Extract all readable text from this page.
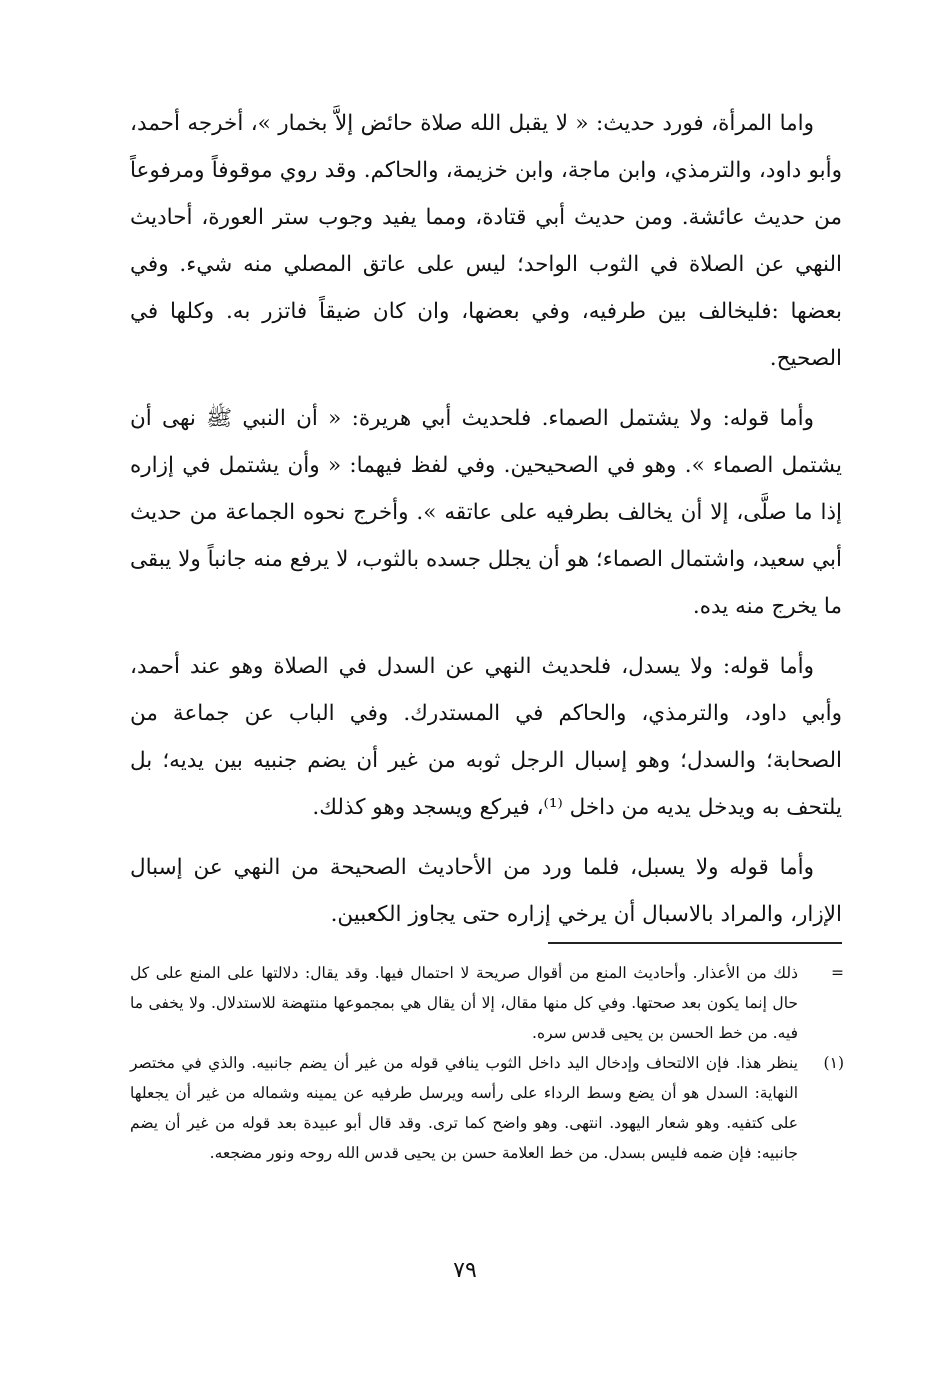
واما المرأة، فورد حديث: « لا يقبل الله صلاة حائض إلاَّ بخمار »، أخرجه أحمد، وأبو داود، والترمذي، وابن ماجة، وابن خزيمة، والحاكم. وقد روي موقوفاً ومرفوعاً من حديث عائشة. ومن حديث أبي قتادة، ومما يفيد وجوب ستر العورة، أحاديث النهي عن الصلاة في الثوب الواحد؛ ليس على عاتق المصلي منه شيء. وفي بعضها :فليخالف بين طرفيه، وفي بعضها، وان كان ضيقاً فاتزر به. وكلها في الصحيح.

وأما قوله: ولا يشتمل الصماء. فلحديث أبي هريرة: « أن النبي ﷺ نهى أن يشتمل الصماء ». وهو في الصحيحين. وفي لفظ فيهما: « وأن يشتمل في إزاره إذا ما صلَّى، إلا أن يخالف بطرفيه على عاتقه ». وأخرج نحوه الجماعة من حديث أبي سعيد، واشتمال الصماء؛ هو أن يجلل جسده بالثوب، لا يرفع منه جانباً ولا يبقى ما يخرج منه يده.

وأما قوله: ولا يسدل، فلحديث النهي عن السدل في الصلاة وهو عند أحمد، وأبي داود، والترمذي، والحاكم في المستدرك. وفي الباب عن جماعة من الصحابة؛ والسدل؛ وهو إسبال الرجل ثوبه من غير أن يضم جنبيه بين يديه؛ بل يلتحف به ويدخل يديه من داخل ⁽¹⁾، فيركع ويسجد وهو كذلك.

وأما قوله ولا يسبل، فلما ورد من الأحاديث الصحيحة من النهي عن إسبال الإزار، والمراد بالاسبال أن يرخي إزاره حتى يجاوز الكعبين.

=
ذلك من الأعذار. وأحاديث المنع من أقوال صريحة لا احتمال فيها. وقد يقال: دلالتها على المنع على كل حال إنما يكون بعد صحتها. وفي كل منها مقال، إلا أن يقال هي بمجموعها منتهضة للاستدلال. ولا يخفى ما فيه. من خط الحسن بن يحيى قدس سره.
(١)
ينظر هذا. فإن الالتحاف وإدخال اليد داخل الثوب ينافي قوله من غير أن يضم جانبيه. والذي في مختصر النهاية: السدل هو أن يضع وسط الرداء على رأسه ويرسل طرفيه عن يمينه وشماله من غير أن يجعلها على كتفيه. وهو شعار اليهود. انتهى. وهو واضح كما ترى. وقد قال أبو عبيدة بعد قوله من غير أن يضم جانبيه: فإن ضمه فليس بسدل. من خط العلامة حسن بن يحيى قدس الله روحه ونور مضجعه.
٧٩
